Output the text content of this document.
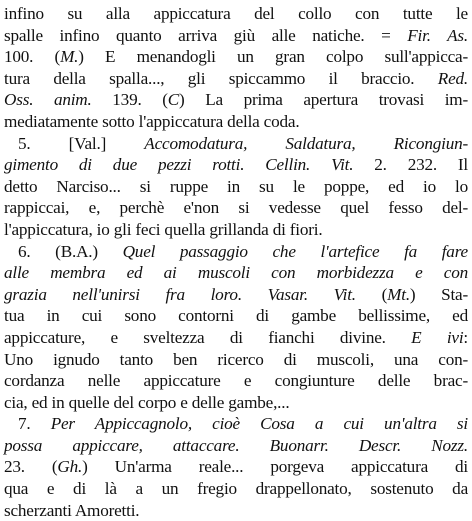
infino su alla appiccatura del collo con tutte le
spalle infino quanto arriva giù alle natiche. = Fir. As.
100. (M.) E menandogli un gran colpo sull'appicca-
tura della spalla..., gli spiccammo il braccio. Red.
Oss. anim. 139. (C) La prima apertura trovasi im-
mediatamente sotto l'appiccatura della coda.
5. [Val.] Accomodatura, Saldatura, Ricongiun-
gimento di due pezzi rotti. Cellin. Vit. 2. 232. Il
detto Narciso... si ruppe in su le poppe, ed io lo
rappiccai, e, perchè e'non si vedesse quel fesso del-
l'appiccatura, io gli feci quella grillanda di fiori.
6. (B.A.) Quel passaggio che l'artefice fa fare
alle membra ed ai muscoli con morbidezza e con
grazia nell'unirsi fra loro. Vasar. Vit. (Mt.) Sta-
tua in cui sono contorni di gambe bellissime, ed
appiccature, e sveltezza di fianchi divine. E ivi:
Uno ignudo tanto ben ricerco di muscoli, una con-
cordanza nelle appiccature e congiunture delle brac-
cia, ed in quelle del corpo e delle gambe,...
7. Per Appiccagnolo, cioè Cosa a cui un'altra si
possa appiccare, attaccare. Buonarr. Descr. Nozz.
23. (Gh.) Un'arma reale... porgeva appiccatura di
qua e di là a un fregio drappellonato, sostenuto da
scherzanti Amoretti.
